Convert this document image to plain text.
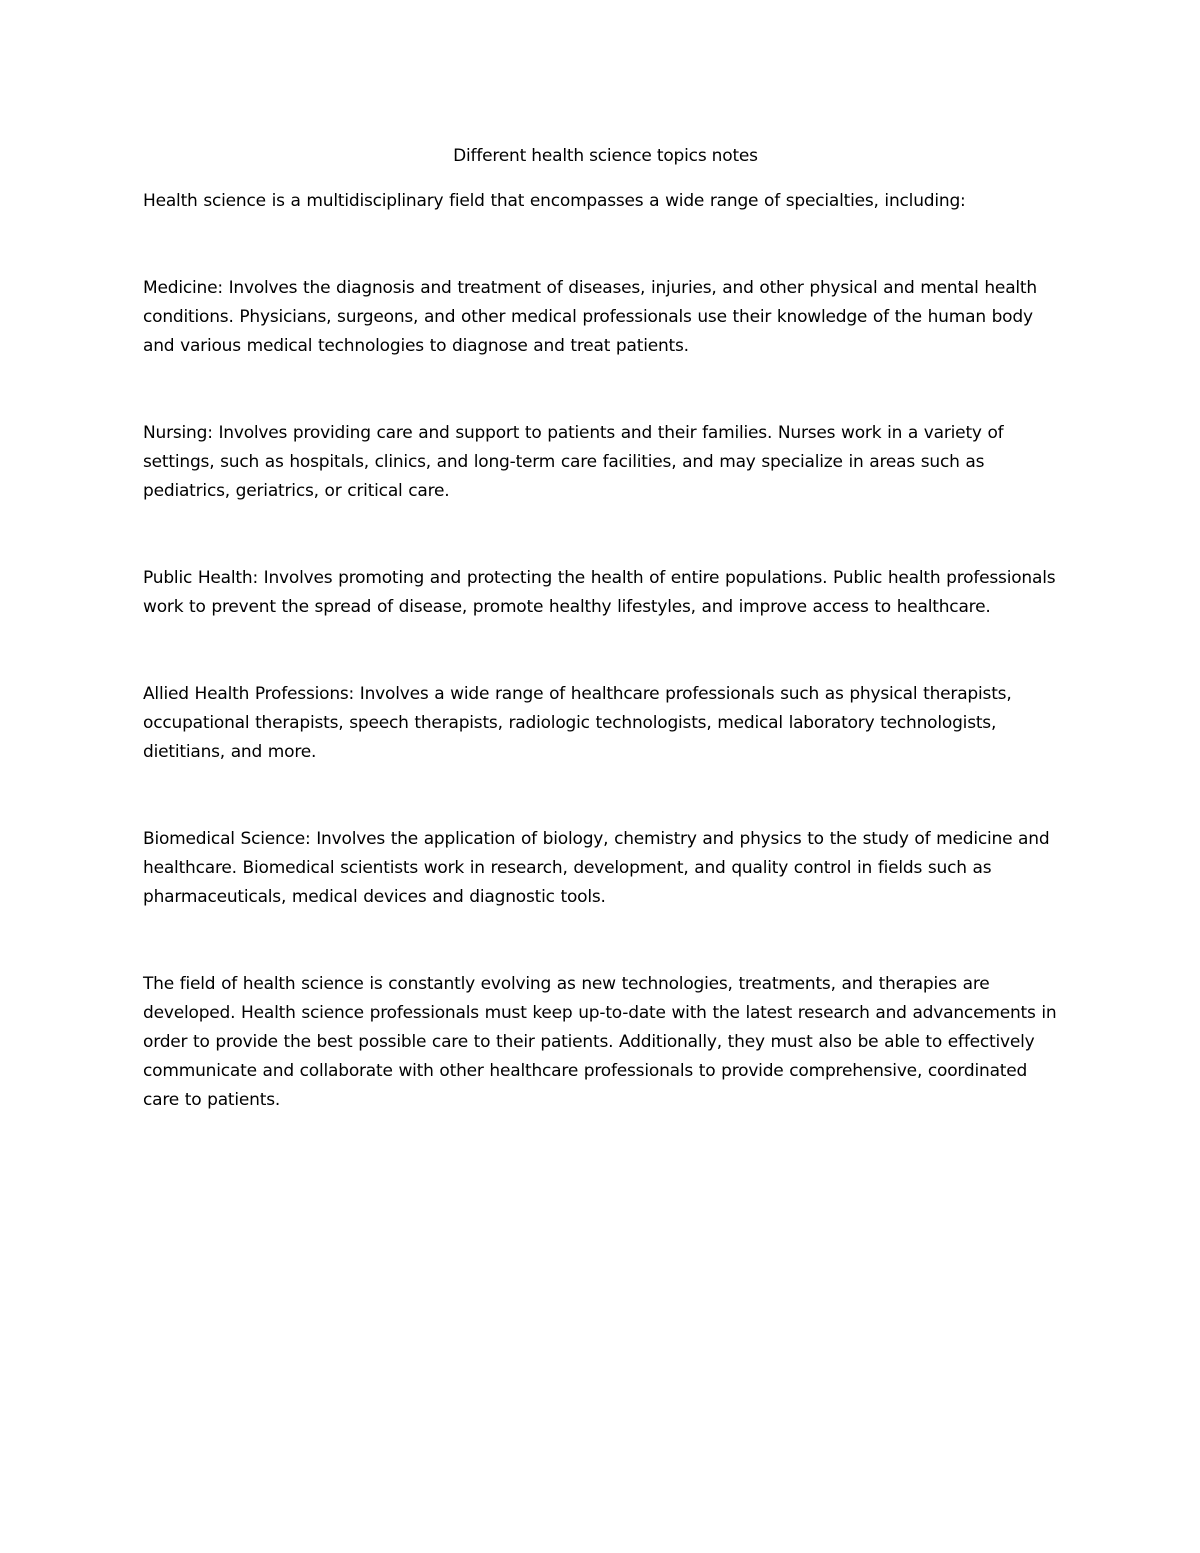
Different health science topics notes

Health science is a multidisciplinary field that encompasses a wide range of specialties, including:

Medicine: Involves the diagnosis and treatment of diseases, injuries, and other physical and mental health conditions. Physicians, surgeons, and other medical professionals use their knowledge of the human body and various medical technologies to diagnose and treat patients.

Nursing: Involves providing care and support to patients and their families. Nurses work in a variety of settings, such as hospitals, clinics, and long-term care facilities, and may specialize in areas such as pediatrics, geriatrics, or critical care.

Public Health: Involves promoting and protecting the health of entire populations. Public health professionals work to prevent the spread of disease, promote healthy lifestyles, and improve access to healthcare.

Allied Health Professions: Involves a wide range of healthcare professionals such as physical therapists, occupational therapists, speech therapists, radiologic technologists, medical laboratory technologists, dietitians, and more.

Biomedical Science: Involves the application of biology, chemistry and physics to the study of medicine and healthcare. Biomedical scientists work in research, development, and quality control in fields such as pharmaceuticals, medical devices and diagnostic tools.

The field of health science is constantly evolving as new technologies, treatments, and therapies are developed. Health science professionals must keep up-to-date with the latest research and advancements in order to provide the best possible care to their patients. Additionally, they must also be able to effectively communicate and collaborate with other healthcare professionals to provide comprehensive, coordinated care to patients.
